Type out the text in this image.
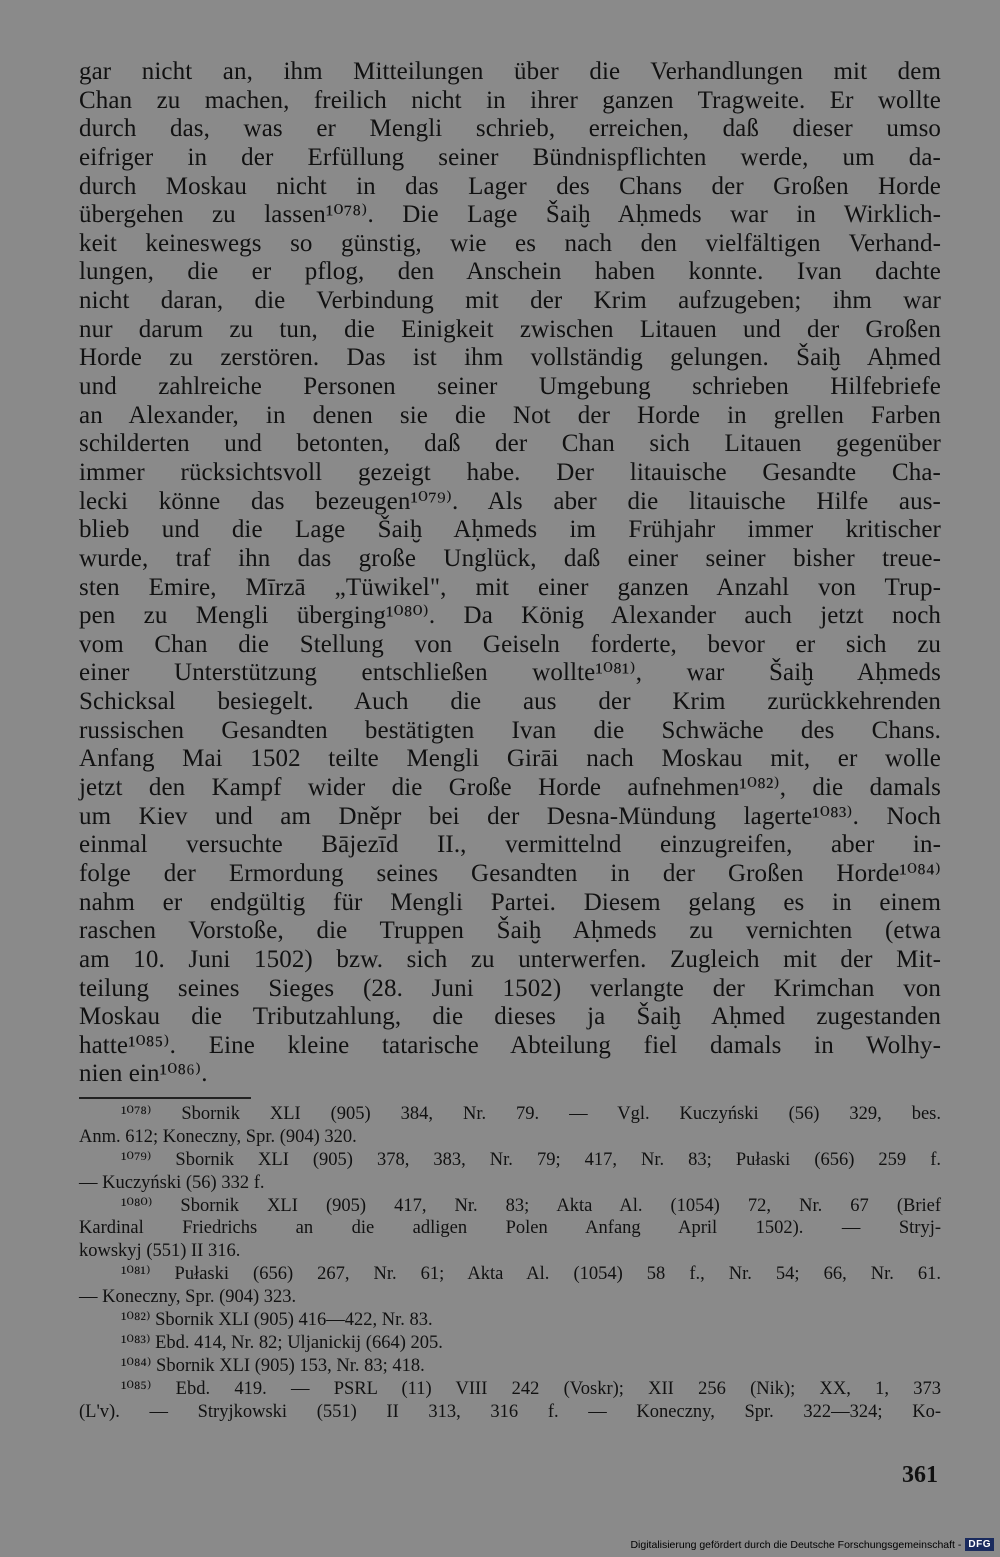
gar nicht an, ihm Mitteilungen über die Verhandlungen mit dem
Chan zu machen, freilich nicht in ihrer ganzen Tragweite. Er wollte
durch das, was er Mengli schrieb, erreichen, daß dieser umso
eifriger in der Erfüllung seiner Bündnispflichten werde, um da-
durch Moskau nicht in das Lager des Chans der Großen Horde
übergehen zu lassen¹⁰⁷⁸⁾. Die Lage Šaiḫ Aḥmeds war in Wirklich-
keit keineswegs so günstig, wie es nach den vielfältigen Verhand-
lungen, die er pflog, den Anschein haben konnte. Ivan dachte
nicht daran, die Verbindung mit der Krim aufzugeben; ihm war
nur darum zu tun, die Einigkeit zwischen Litauen und der Großen
Horde zu zerstören. Das ist ihm vollständig gelungen. Šaiḫ Aḥmed
und zahlreiche Personen seiner Umgebung schrieben Hilfebriefe
an Alexander, in denen sie die Not der Horde in grellen Farben
schilderten und betonten, daß der Chan sich Litauen gegenüber
immer rücksichtsvoll gezeigt habe. Der litauische Gesandte Cha-
lecki könne das bezeugen¹⁰⁷⁹⁾. Als aber die litauische Hilfe aus-
blieb und die Lage Šaiḫ Aḥmeds im Frühjahr immer kritischer
wurde, traf ihn das große Unglück, daß einer seiner bisher treue-
sten Emire, Mīrzā „Tüwikel", mit einer ganzen Anzahl von Trup-
pen zu Mengli überging¹⁰⁸⁰⁾. Da König Alexander auch jetzt noch
vom Chan die Stellung von Geiseln forderte, bevor er sich zu
einer Unterstützung entschließen wollte¹⁰⁸¹⁾, war Šaiḫ Aḥmeds
Schicksal besiegelt. Auch die aus der Krim zurückkehrenden
russischen Gesandten bestätigten Ivan die Schwäche des Chans.
Anfang Mai 1502 teilte Mengli Girāi nach Moskau mit, er wolle
jetzt den Kampf wider die Große Horde aufnehmen¹⁰⁸²⁾, die damals
um Kiev und am Dněpr bei der Desna-Mündung lagerte¹⁰⁸³⁾. Noch
einmal versuchte Bājezīd II., vermittelnd einzugreifen, aber in-
folge der Ermordung seines Gesandten in der Großen Horde¹⁰⁸⁴⁾
nahm er endgültig für Mengli Partei. Diesem gelang es in einem
raschen Vorstoße, die Truppen Šaiḫ Aḥmeds zu vernichten (etwa
am 10. Juni 1502) bzw. sich zu unterwerfen. Zugleich mit der Mit-
teilung seines Sieges (28. Juni 1502) verlangte der Krimchan von
Moskau die Tributzahlung, die dieses ja Šaiḫ Aḥmed zugestanden
hatte¹⁰⁸⁵⁾. Eine kleine tatarische Abteilung fiel damals in Wolhy-
nien ein¹⁰⁸⁶⁾.
¹⁰⁷⁸⁾ Sbornik XLI (905) 384, Nr. 79. — Vgl. Kuczyński (56) 329, bes.
Anm. 612; Koneczny, Spr. (904) 320.
¹⁰⁷⁹⁾ Sbornik XLI (905) 378, 383, Nr. 79; 417, Nr. 83; Pułaski (656) 259 f.
— Kuczyński (56) 332 f.
¹⁰⁸⁰⁾ Sbornik XLI (905) 417, Nr. 83; Akta Al. (1054) 72, Nr. 67 (Brief
Kardinal Friedrichs an die adligen Polen Anfang April 1502). — Stryj-
kowskyj (551) II 316.
¹⁰⁸¹⁾ Pułaski (656) 267, Nr. 61; Akta Al. (1054) 58 f., Nr. 54; 66, Nr. 61.
— Koneczny, Spr. (904) 323.
¹⁰⁸²⁾ Sbornik XLI (905) 416—422, Nr. 83.
¹⁰⁸³⁾ Ebd. 414, Nr. 82; Uljanickij (664) 205.
¹⁰⁸⁴⁾ Sbornik XLI (905) 153, Nr. 83; 418.
¹⁰⁸⁵⁾ Ebd. 419. — PSRL (11) VIII 242 (Voskr); XII 256 (Nik); XX, 1, 373
(L'v). — Stryjkowski (551) II 313, 316 f. — Koneczny, Spr. 322—324; Ko-
361
Digitalisierung gefördert durch die Deutsche Forschungsgemeinschaft - DFG
